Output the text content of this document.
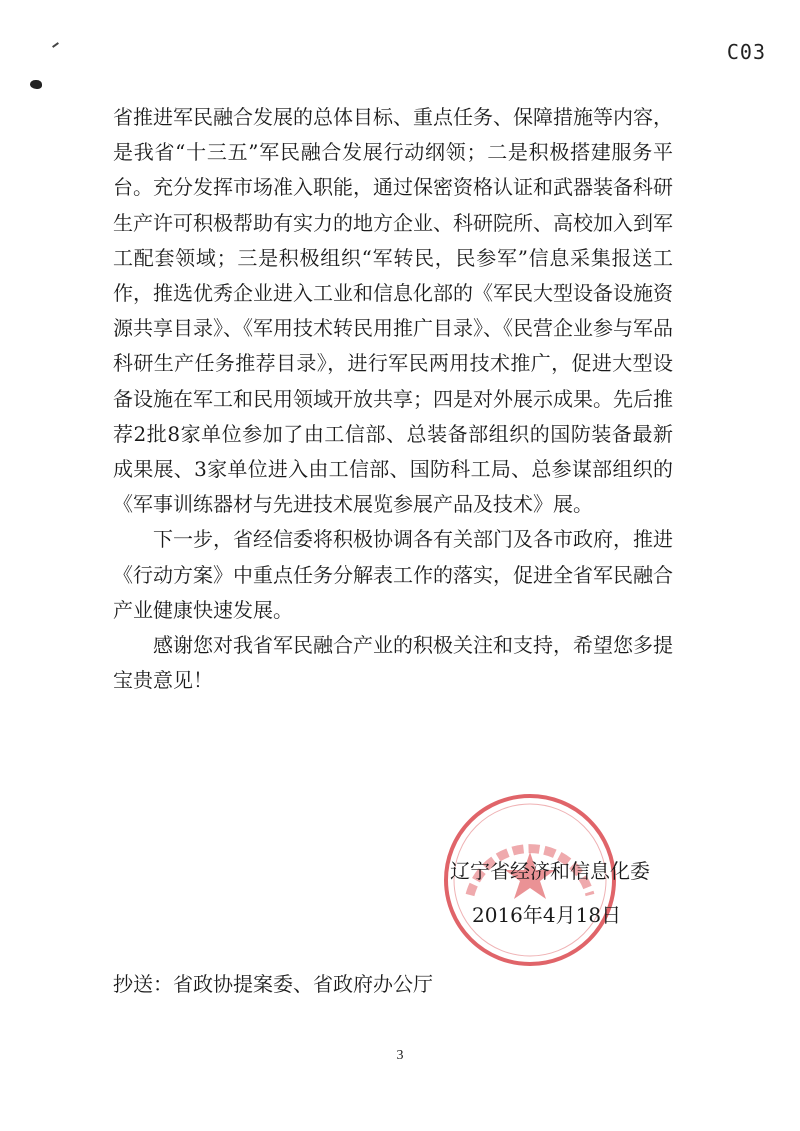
C03

省推进军民融合发展的总体目标、重点任务、保障措施等内容，是我省“十三五”军民融合发展行动纲领；二是积极搭建服务平台。充分发挥市场准入职能，通过保密资格认证和武器装备科研生产许可积极帮助有实力的地方企业、科研院所、高校加入到军工配套领域；三是积极组织“军转民，民参军”信息采集报送工作，推选优秀企业进入工业和信息化部的《军民大型设备设施资源共享目录》、《军用技术转民用推广目录》、《民营企业参与军品科研生产任务推荐目录》，进行军民两用技术推广，促进大型设备设施在军工和民用领域开放共享；四是对外展示成果。先后推荐2批8家单位参加了由工信部、总装备部组织的国防装备最新成果展、3家单位进入由工信部、国防科工局、总参谋部组织的《军事训练器材与先进技术展览参展产品及技术》展。

下一步，省经信委将积极协调各有关部门及各市政府，推进《行动方案》中重点任务分解表工作的落实，促进全省军民融合产业健康快速发展。

感谢您对我省军民融合产业的积极关注和支持，希望您多提宝贵意见！

辽宁省经济和信息化委
2016年4月18日

抄送：省政协提案委、省政府办公厅

3
